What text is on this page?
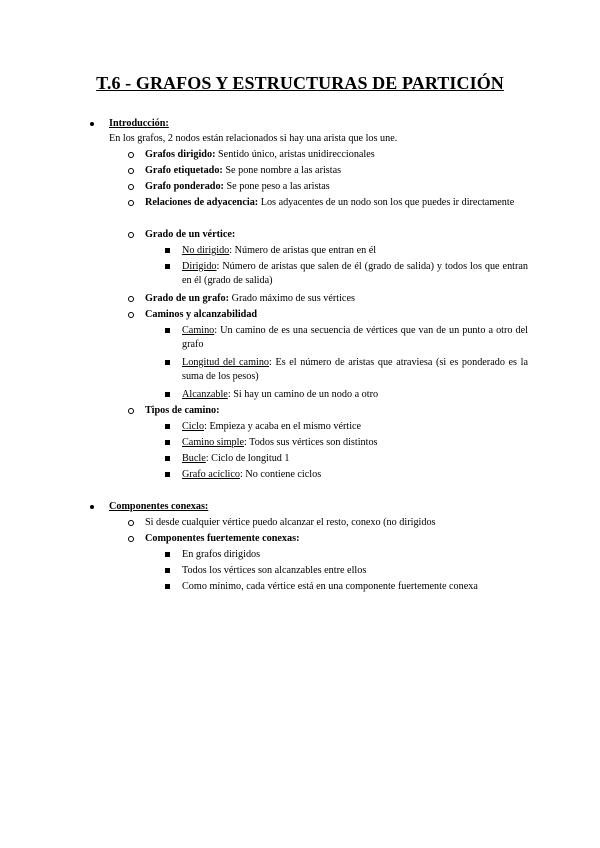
T.6 - GRAFOS Y ESTRUCTURAS DE PARTICIÓN
Introducción:
En los grafos, 2 nodos están relacionados si hay una arista que los une.
Grafos dirigido: Sentido único, aristas unidireccionales
Grafo etiquetado: Se pone nombre a las aristas
Grafo ponderado: Se pone peso a las aristas
Relaciones de adyacencia: Los adyacentes de un nodo son los que puedes ir directamente
Grado de un vértice:
No dirigido: Número de aristas que entran en él
Dirigido: Número de aristas que salen de él (grado de salida) y todos los que entran en él (grado de salida)
Grado de un grafo: Grado máximo de sus vértices
Caminos y alcanzabilidad
Camino: Un camino de es una secuencia de vértices que van de un punto a otro del grafo
Longitud del camino: Es el número de aristas que atraviesa (si es ponderado es la suma de los pesos)
Alcanzable: Si hay un camino de un nodo a otro
Tipos de camino:
Ciclo: Empieza y acaba en el mismo vértice
Camino simple: Todos sus vértices son distintos
Bucle: Ciclo de longitud 1
Grafo acíclico: No contiene ciclos
Componentes conexas:
Si desde cualquier vértice puedo alcanzar el resto, conexo (no dirigidos
Componentes fuertemente conexas:
En grafos dirigidos
Todos los vértices son alcanzables entre ellos
Como mínimo, cada vértice está en una componente fuertemente conexa
